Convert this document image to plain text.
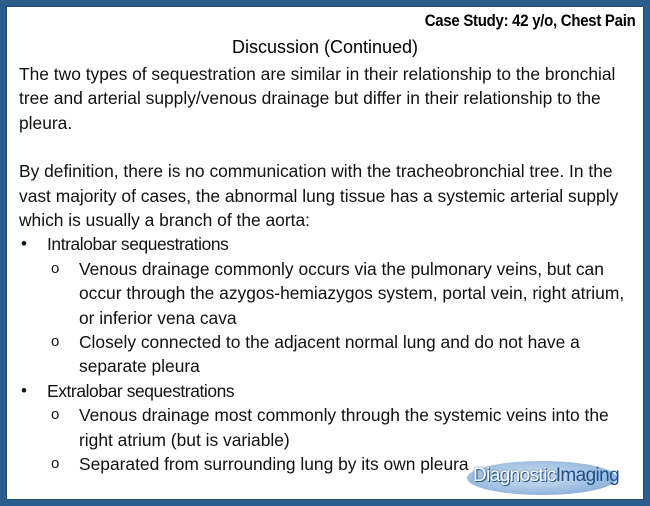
Case Study: 42 y/o, Chest Pain
Discussion (Continued)

The two types of sequestration are similar in their relationship to the bronchial tree and arterial supply/venous drainage but differ in their relationship to the pleura.

By definition, there is no communication with the tracheobronchial tree. In the vast majority of cases, the abnormal lung tissue has a systemic arterial supply which is usually a branch of the aorta:

• Intralobar sequestrations
o Venous drainage commonly occurs via the pulmonary veins, but can occur through the azygos-hemiazygos system, portal vein, right atrium, or inferior vena cava
o Closely connected to the adjacent normal lung and do not have a separate pleura
• Extralobar sequestrations
o Venous drainage most commonly through the systemic veins into the right atrium (but is variable)
o Separated from surrounding lung by its own pleura
DiagnosticImaging
